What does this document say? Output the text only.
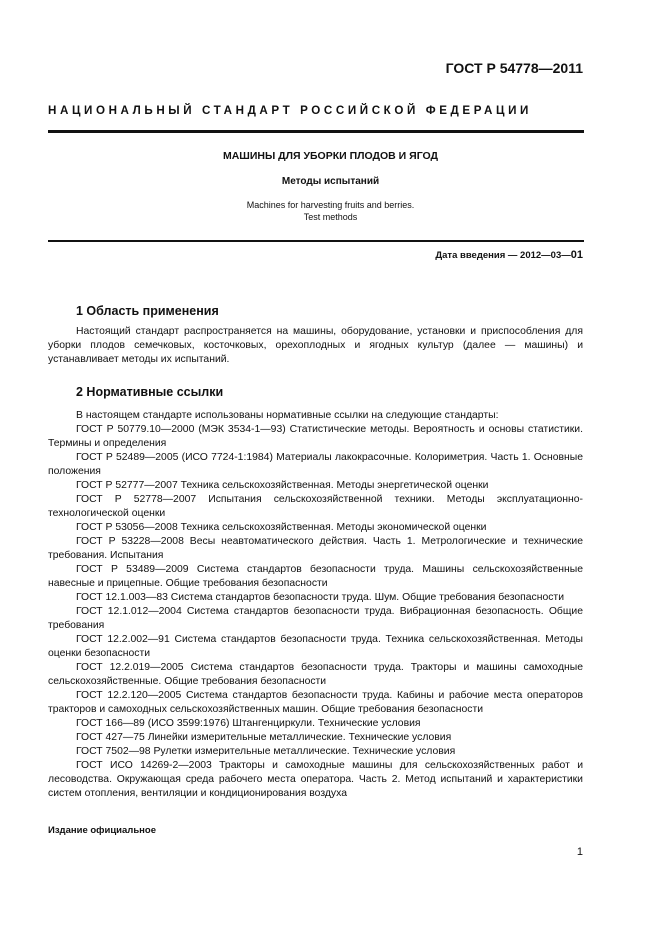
ГОСТ Р 54778—2011
НАЦИОНАЛЬНЫЙ СТАНДАРТ РОССИЙСКОЙ ФЕДЕРАЦИИ
МАШИНЫ ДЛЯ УБОРКИ ПЛОДОВ И ЯГОД
Методы испытаний
Machines for harvesting fruits and berries.
Test methods
Дата введения — 2012—03—01
1 Область применения
Настоящий стандарт распространяется на машины, оборудование, установки и приспособления для уборки плодов семечковых, косточковых, орехоплодных и ягодных культур (далее — машины) и устанавливает методы их испытаний.
2 Нормативные ссылки

В настоящем стандарте использованы нормативные ссылки на следующие стандарты:

ГОСТ Р 50779.10—2000 (МЭК 3534-1—93) Статистические методы. Вероятность и основы статистики. Термины и определения

ГОСТ Р 52489—2005 (ИСО 7724-1:1984) Материалы лакокрасочные. Колориметрия. Часть 1. Основные положения

ГОСТ Р 52777—2007 Техника сельскохозяйственная. Методы энергетической оценки

ГОСТ Р 52778—2007 Испытания сельскохозяйственной техники. Методы эксплуатационно-технологической оценки

ГОСТ Р 53056—2008 Техника сельскохозяйственная. Методы экономической оценки

ГОСТ Р 53228—2008 Весы неавтоматического действия. Часть 1. Метрологические и технические требования. Испытания

ГОСТ Р 53489—2009 Система стандартов безопасности труда. Машины сельскохозяйственные навесные и прицепные. Общие требования безопасности

ГОСТ 12.1.003—83 Система стандартов безопасности труда. Шум. Общие требования безопасности

ГОСТ 12.1.012—2004 Система стандартов безопасности труда. Вибрационная безопасность. Общие требования

ГОСТ 12.2.002—91 Система стандартов безопасности труда. Техника сельскохозяйственная. Методы оценки безопасности

ГОСТ 12.2.019—2005 Система стандартов безопасности труда. Тракторы и машины самоходные сельскохозяйственные. Общие требования безопасности

ГОСТ 12.2.120—2005 Система стандартов безопасности труда. Кабины и рабочие места операторов тракторов и самоходных сельскохозяйственных машин. Общие требования безопасности

ГОСТ 166—89 (ИСО 3599:1976) Штангенциркули. Технические условия

ГОСТ 427—75 Линейки измерительные металлические. Технические условия

ГОСТ 7502—98 Рулетки измерительные металлические. Технические условия

ГОСТ ИСО 14269-2—2003 Тракторы и самоходные машины для сельскохозяйственных работ и лесоводства. Окружающая среда рабочего места оператора. Часть 2. Метод испытаний и характеристики систем отопления, вентиляции и кондиционирования воздуха

Издание официальное
1
